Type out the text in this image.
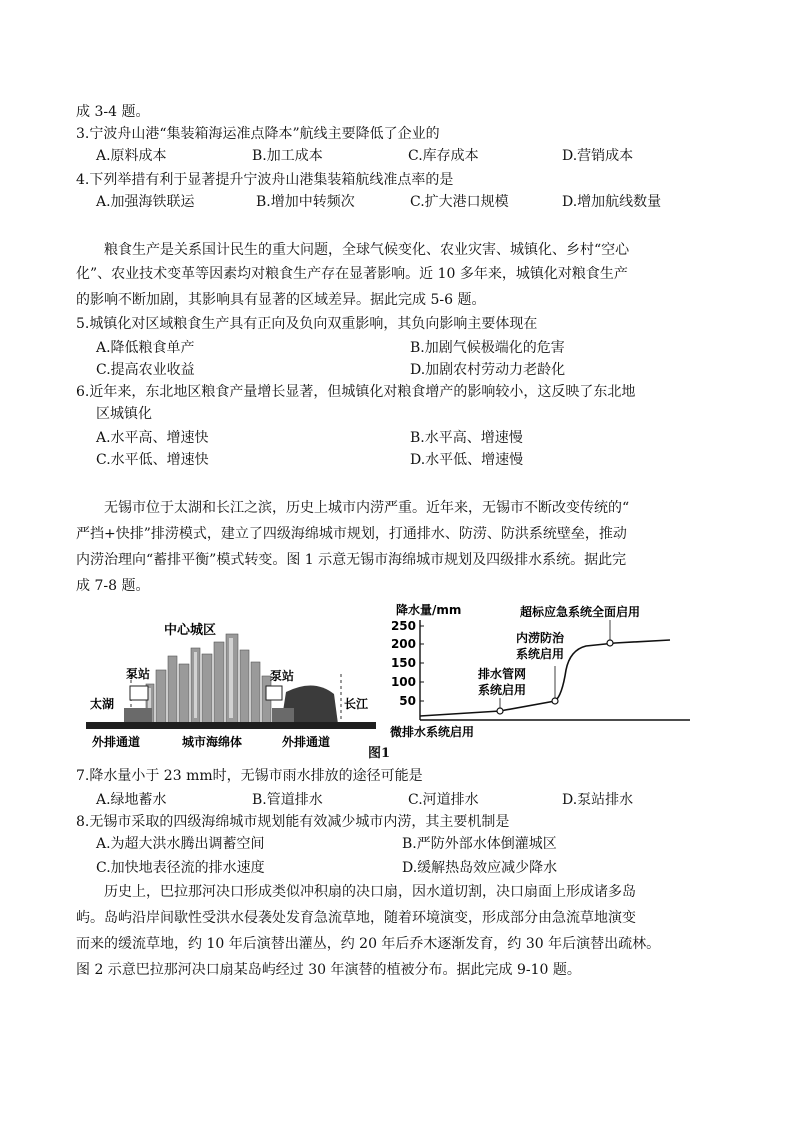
成 3-4 题。
3.宁波舟山港“集装箱海运准点降本”航线主要降低了企业的
A.原料成本	B.加工成本	C.库存成本	D.营销成本
4.下列举措有利于显著提升宁波舟山港集装箱航线准点率的是
A.加强海铁联运	B.增加中转频次	C.扩大港口规模	D.增加航线数量
粮食生产是关系国计民生的重大问题，全球气候变化、农业灾害、城镇化、乡村“空心
化”、农业技术变革等因素均对粮食生产存在显著影响。近 10 多年来，城镇化对粮食生产
的影响不断加剧，其影响具有显著的区域差异。据此完成 5-6 题。
5.城镇化对区域粮食生产具有正向及负向双重影响，其负向影响主要体现在
A.降低粮食单产	B.加剧气候极端化的危害
C.提高农业收益	D.加剧农村劳动力老龄化
6.近年来，东北地区粮食产量增长显著，但城镇化对粮食增产的影响较小，这反映了东北地
区城镇化
A.水平高、增速快	B.水平高、增速慢
C.水平低、增速快	D.水平低、增速慢
无锡市位于太湖和长江之滨，历史上城市内涝严重。近年来，无锡市不断改变传统的“
严挡+快排”排涝模式，建立了四级海绵城市规划，打通排水、防涝、防洪系统壁垒，推动
内涝治理向“蓄排平衡”模式转变。图 1 示意无锡市海绵城市规划及四级排水系统。据此完
成 7-8 题。
中心城区
泵站	泵站
太湖	长江
外排通道	城市海绵体	外排通道
250
200
150
100
50
降水量/mm	超标应急系统全面启用
内涝防治
系统启用
排水管网
系统启用
微排水系统启用
图1
7.降水量小于 23 mm时，无锡市雨水排放的途径可能是
A.绿地蓄水	B.管道排水	C.河道排水	D.泵站排水
8.无锡市采取的四级海绵城市规划能有效减少城市内涝，其主要机制是
A.为超大洪水腾出调蓄空间	B.严防外部水体倒灌城区
C.加快地表径流的排水速度	D.缓解热岛效应减少降水
历史上，巴拉那河决口形成类似冲积扇的决口扇，因水道切割，决口扇面上形成诸多岛
屿。岛屿沿岸间歇性受洪水侵袭处发育急流草地，随着环境演变，形成部分由急流草地演变
而来的缓流草地，约 10 年后演替出灌丛，约 20 年后乔木逐渐发育，约 30 年后演替出疏林。
图 2 示意巴拉那河决口扇某岛屿经过 30 年演替的植被分布。据此完成 9-10 题。
